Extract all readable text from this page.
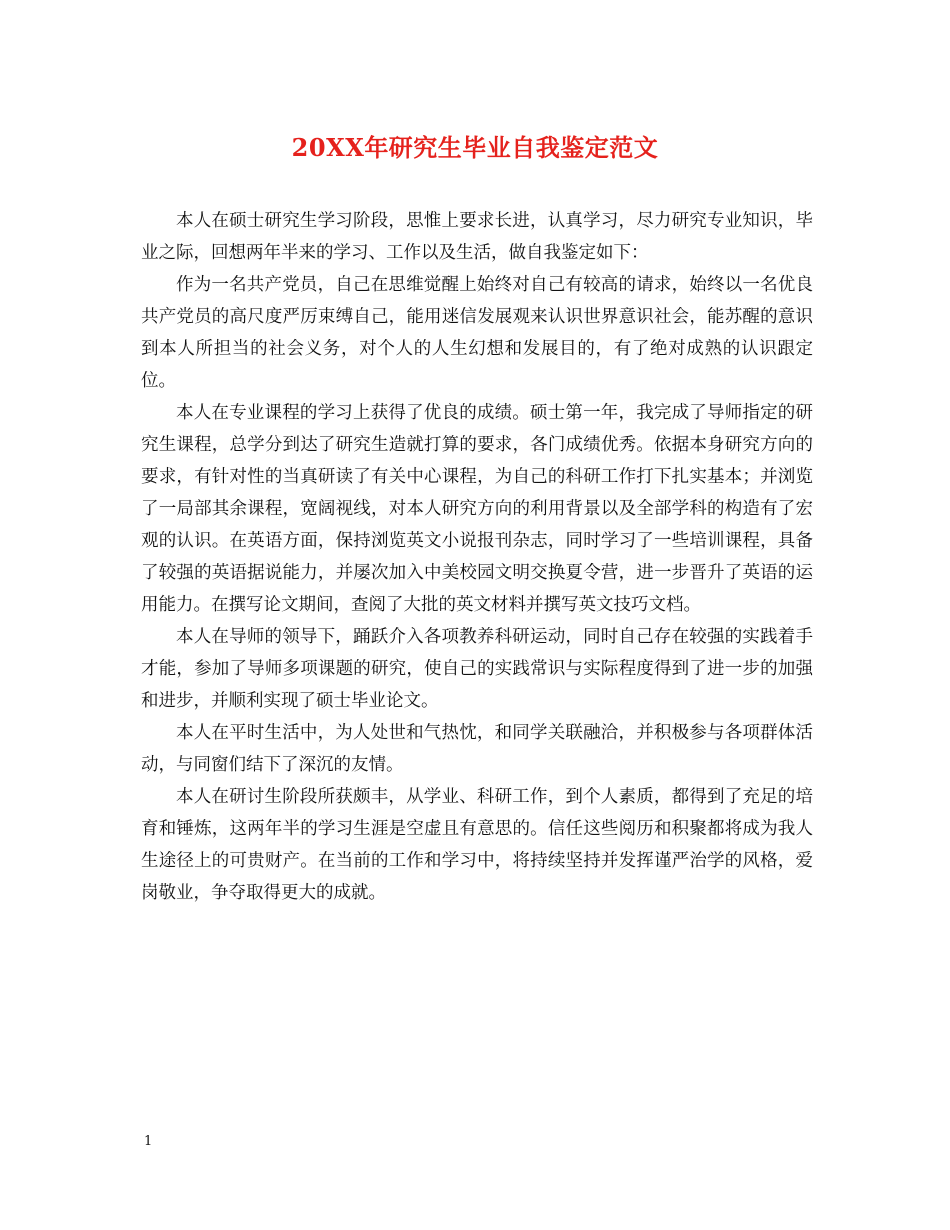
20XX年研究生毕业自我鉴定范文

本人在硕士研究生学习阶段，思惟上要求长进，认真学习，尽力研究专业知识，毕业之际，回想两年半来的学习、工作以及生活，做自我鉴定如下：

作为一名共产党员，自己在思维觉醒上始终对自己有较高的请求，始终以一名优良共产党员的高尺度严厉束缚自己，能用迷信发展观来认识世界意识社会，能苏醒的意识到本人所担当的社会义务，对个人的人生幻想和发展目的，有了绝对成熟的认识跟定位。

本人在专业课程的学习上获得了优良的成绩。硕士第一年，我完成了导师指定的研究生课程，总学分到达了研究生造就打算的要求，各门成绩优秀。依据本身研究方向的要求，有针对性的当真研读了有关中心课程，为自己的科研工作打下扎实基本；并浏览了一局部其余课程，宽阔视线，对本人研究方向的利用背景以及全部学科的构造有了宏观的认识。在英语方面，保持浏览英文小说报刊杂志，同时学习了一些培训课程，具备了较强的英语据说能力，并屡次加入中美校园文明交换夏令营，进一步晋升了英语的运用能力。在撰写论文期间，查阅了大批的英文材料并撰写英文技巧文档。

本人在导师的领导下，踊跃介入各项教养科研运动，同时自己存在较强的实践着手才能，参加了导师多项课题的研究，使自己的实践常识与实际程度得到了进一步的加强和进步，并顺利实现了硕士毕业论文。

本人在平时生活中，为人处世和气热忱，和同学关联融洽，并积极参与各项群体活动，与同窗们结下了深沉的友情。

本人在研讨生阶段所获颇丰，从学业、科研工作，到个人素质，都得到了充足的培育和锤炼，这两年半的学习生涯是空虚且有意思的。信任这些阅历和积聚都将成为我人生途径上的可贵财产。在当前的工作和学习中，将持续坚持并发挥谨严治学的风格，爱岗敬业，争夺取得更大的成就。

1
